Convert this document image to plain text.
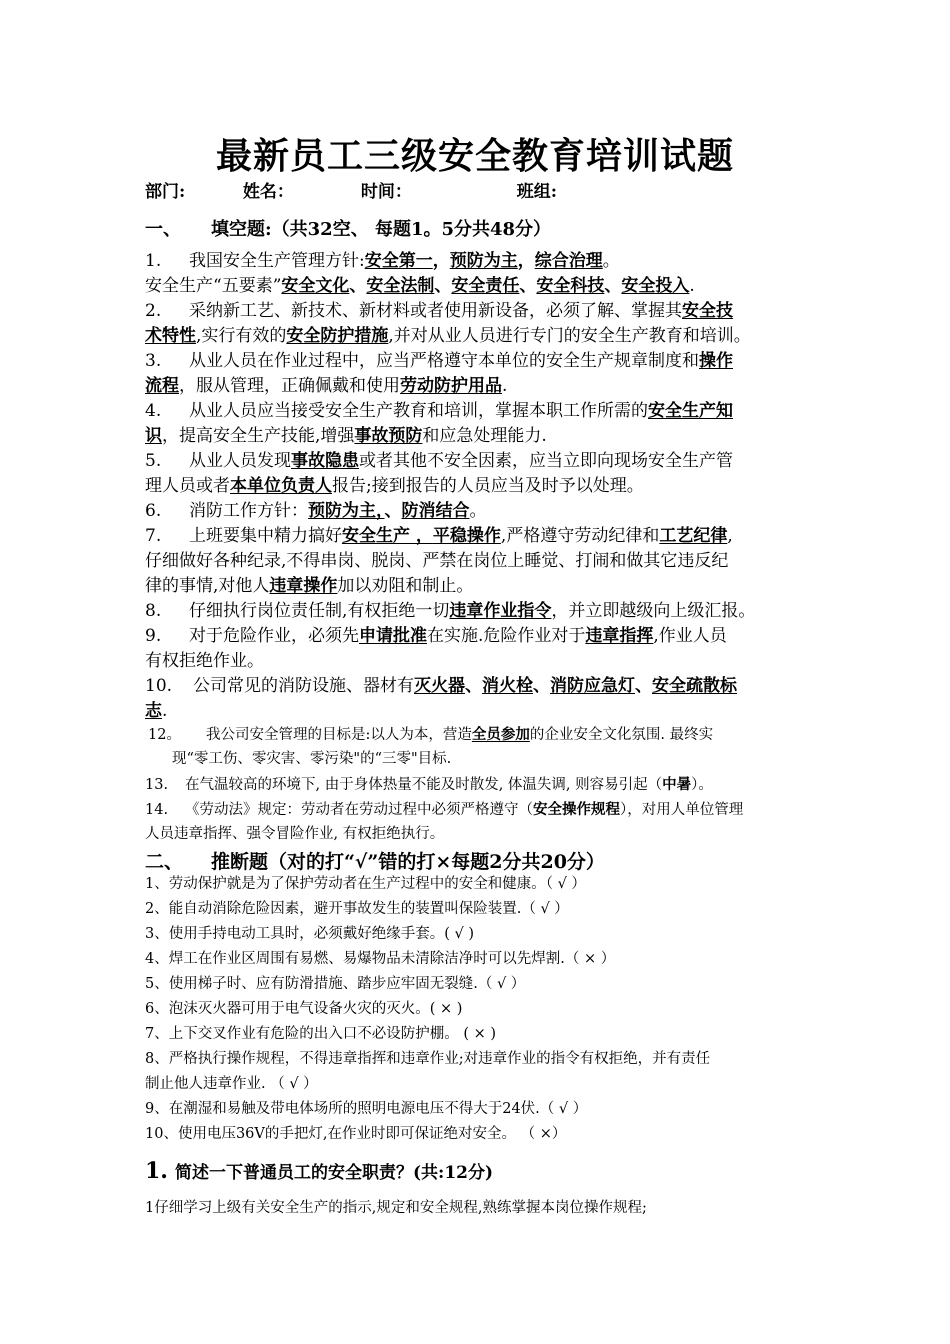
最新员工三级安全教育培训试题
部门:	姓名：	时间：	班组:
一、 填空题:（共32空、 每题1。5分共48分）
1. 我国安全生产管理方针:安全第一，预防为主，综合治理。
安全生产“五要素”安全文化、安全法制、安全责任、安全科技、安全投入.
2. 采纳新工艺、新技术、新材料或者使用新设备，必须了解、掌握其安全技
术特性,实行有效的安全防护措施,并对从业人员进行专门的安全生产教育和培训。
3. 从业人员在作业过程中，应当严格遵守本单位的安全生产规章制度和操作
流程，服从管理，正确佩戴和使用劳动防护用品.
4. 从业人员应当接受安全生产教育和培训，掌握本职工作所需的安全生产知
识，提高安全生产技能,增强事故预防和应急处理能力.
5. 从业人员发现事故隐患或者其他不安全因素，应当立即向现场安全生产管
理人员或者本单位负责人报告;接到报告的人员应当及时予以处理。
6. 消防工作方针：预防为主，、防消结合。
7. 上班要集中精力搞好安全生产 ，平稳操作,严格遵守劳动纪律和工艺纪律,
仔细做好各种纪录,不得串岗、脱岗、严禁在岗位上睡觉、打闹和做其它违反纪
律的事情,对他人违章操作加以劝阻和制止。
8. 仔细执行岗位责任制,有权拒绝一切违章作业指令，并立即越级向上级汇报。
9. 对于危险作业，必须先申请批准在实施.危险作业对于违章指挥,作业人员
有权拒绝作业。
10. 公司常见的消防设施、器材有灭火器、消火栓、消防应急灯、安全疏散标
志.
12。 我公司安全管理的目标是:以人为本，营造全员参加的企业安全文化氛围. 最终实
现“零工伤、零灾害、零污染"的“三零"目标.
13. 在气温较高的环境下, 由于身体热量不能及时散发, 体温失调, 则容易引起（中暑）。
14. 《劳动法》规定：劳动者在劳动过程中必须严格遵守（安全操作规程），对用人单位管理
人员违章指挥、强令冒险作业, 有权拒绝执行。
二、 推断题（对的打“√”错的打×每题2分共20分）
1、劳动保护就是为了保护劳动者在生产过程中的安全和健康。（ √ ）
2、能自动消除危险因素，避开事故发生的装置叫保险装置.（ √ ）
3、使用手持电动工具时，必须戴好绝缘手套。( √ )
4、焊工在作业区周围有易燃、易爆物品未清除洁净时可以先焊割.（ × ）
5、使用梯子时、应有防滑措施、踏步应牢固无裂缝.（ √ ）
6、泡沫灭火器可用于电气设备火灾的灭火。( × )
7、上下交叉作业有危险的出入口不必设防护棚。 ( × )
8、严格执行操作规程，不得违章指挥和违章作业;对违章作业的指令有权拒绝，并有责任
制止他人违章作业. （ √ ）
9、在潮湿和易触及带电体场所的照明电源电压不得大于24伏.（ √ ）
10、使用电压36V的手把灯,在作业时即可保证绝对安全。 （ ×）
1. 简述一下普通员工的安全职责？(共:12分)
1仔细学习上级有关安全生产的指示,规定和安全规程,熟练掌握本岗位操作规程;
